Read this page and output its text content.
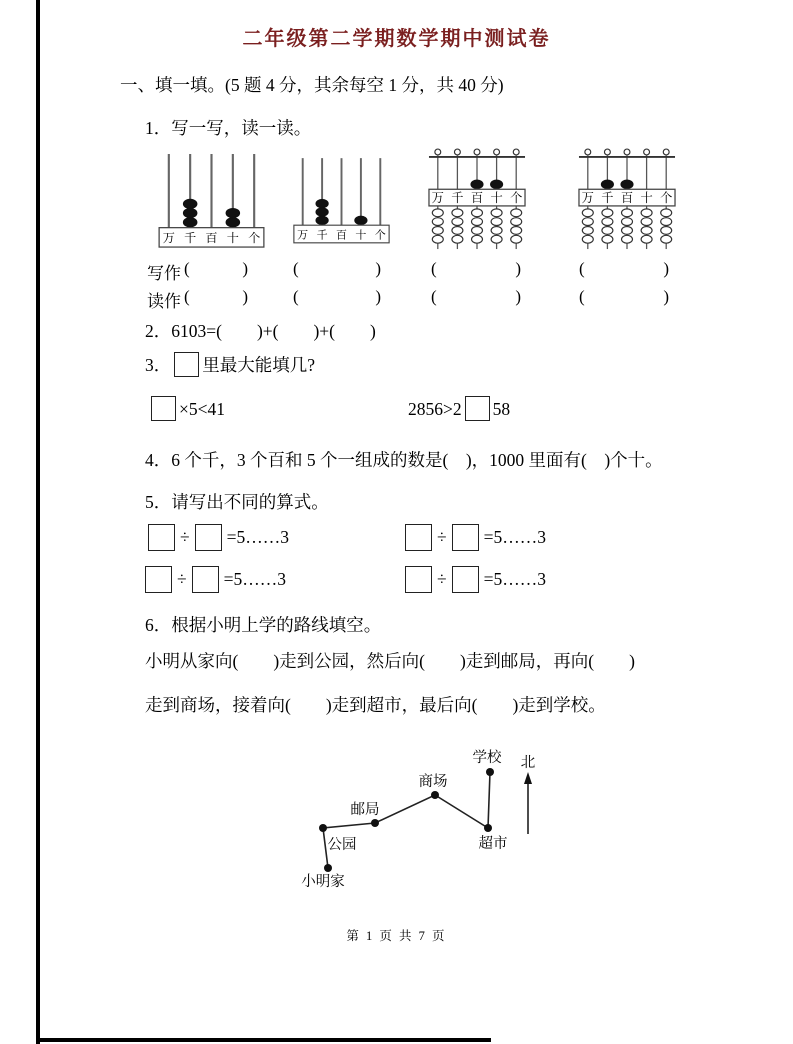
二年级第二学期数学期中测试卷
一、填一填。(5 题 4 分，其余每空 1 分，共 40 分)
1．写一写，读一读。
万 千 百 十 个	万 千 百 十 个
万 千 百 十 个	万 千 百 十 个
写作 (	)	(	)	(	)	(	)
读作 (	)	(	)	(	)	(	)
2．6103=(        )+(        )+(        )
3． 里最大能填几?
×5<41	2856>2 58
4．6 个千，3 个百和 5 个一组成的数是(    )，1000 里面有(    )个十。
5．请写出不同的算式。
÷ =5……3	÷ =5……3
÷ =5……3	÷ =5……3
6．根据小明上学的路线填空。
小明从家向(        )走到公园，然后向(        )走到邮局，再向(        )
走到商场，接着向(        )走到超市，最后向(        )走到学校。
小明家
公园
邮局
商场
超市
学校 北
第 1 页 共 7 页
